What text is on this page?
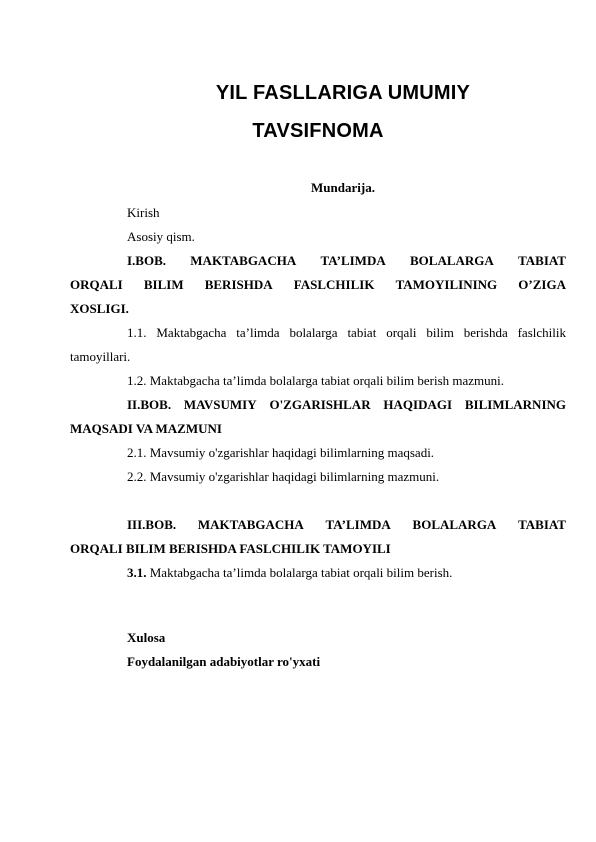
YIL FASLLARIGA UMUMIY
TAVSIFNOMA
Mundarija.
Kirish
Asosiy qism.
I.BOB. MAKTABGACHA TA’LIMDA BOLALARGA TABIAT
ORQALI BILIM BERISHDA FASLCHILIK TAMOYILINING O’ZIGA
XOSLIGI.
1.1. Maktabgacha ta’limda bolalarga tabiat orqali bilim berishda faslchilik
tamoyillari.
1.2. Maktabgacha ta’limda bolalarga tabiat orqali bilim berish mazmuni.
II.BOB. MAVSUMIY O'ZGARISHLAR HAQIDAGI BILIMLARNING
MAQSADI VA MAZMUNI
2.1. Mavsumiy o'zgarishlar haqidagi bilimlarning maqsadi.
2.2. Mavsumiy o'zgarishlar haqidagi bilimlarning mazmuni.
III.BOB. MAKTABGACHA TA’LIMDA BOLALARGA TABIAT
ORQALI BILIM BERISHDA FASLCHILIK TAMOYILI
3.1. Maktabgacha ta’limda bolalarga tabiat orqali bilim berish.
Xulosa
Foydalanilgan adabiyotlar ro'yxati
